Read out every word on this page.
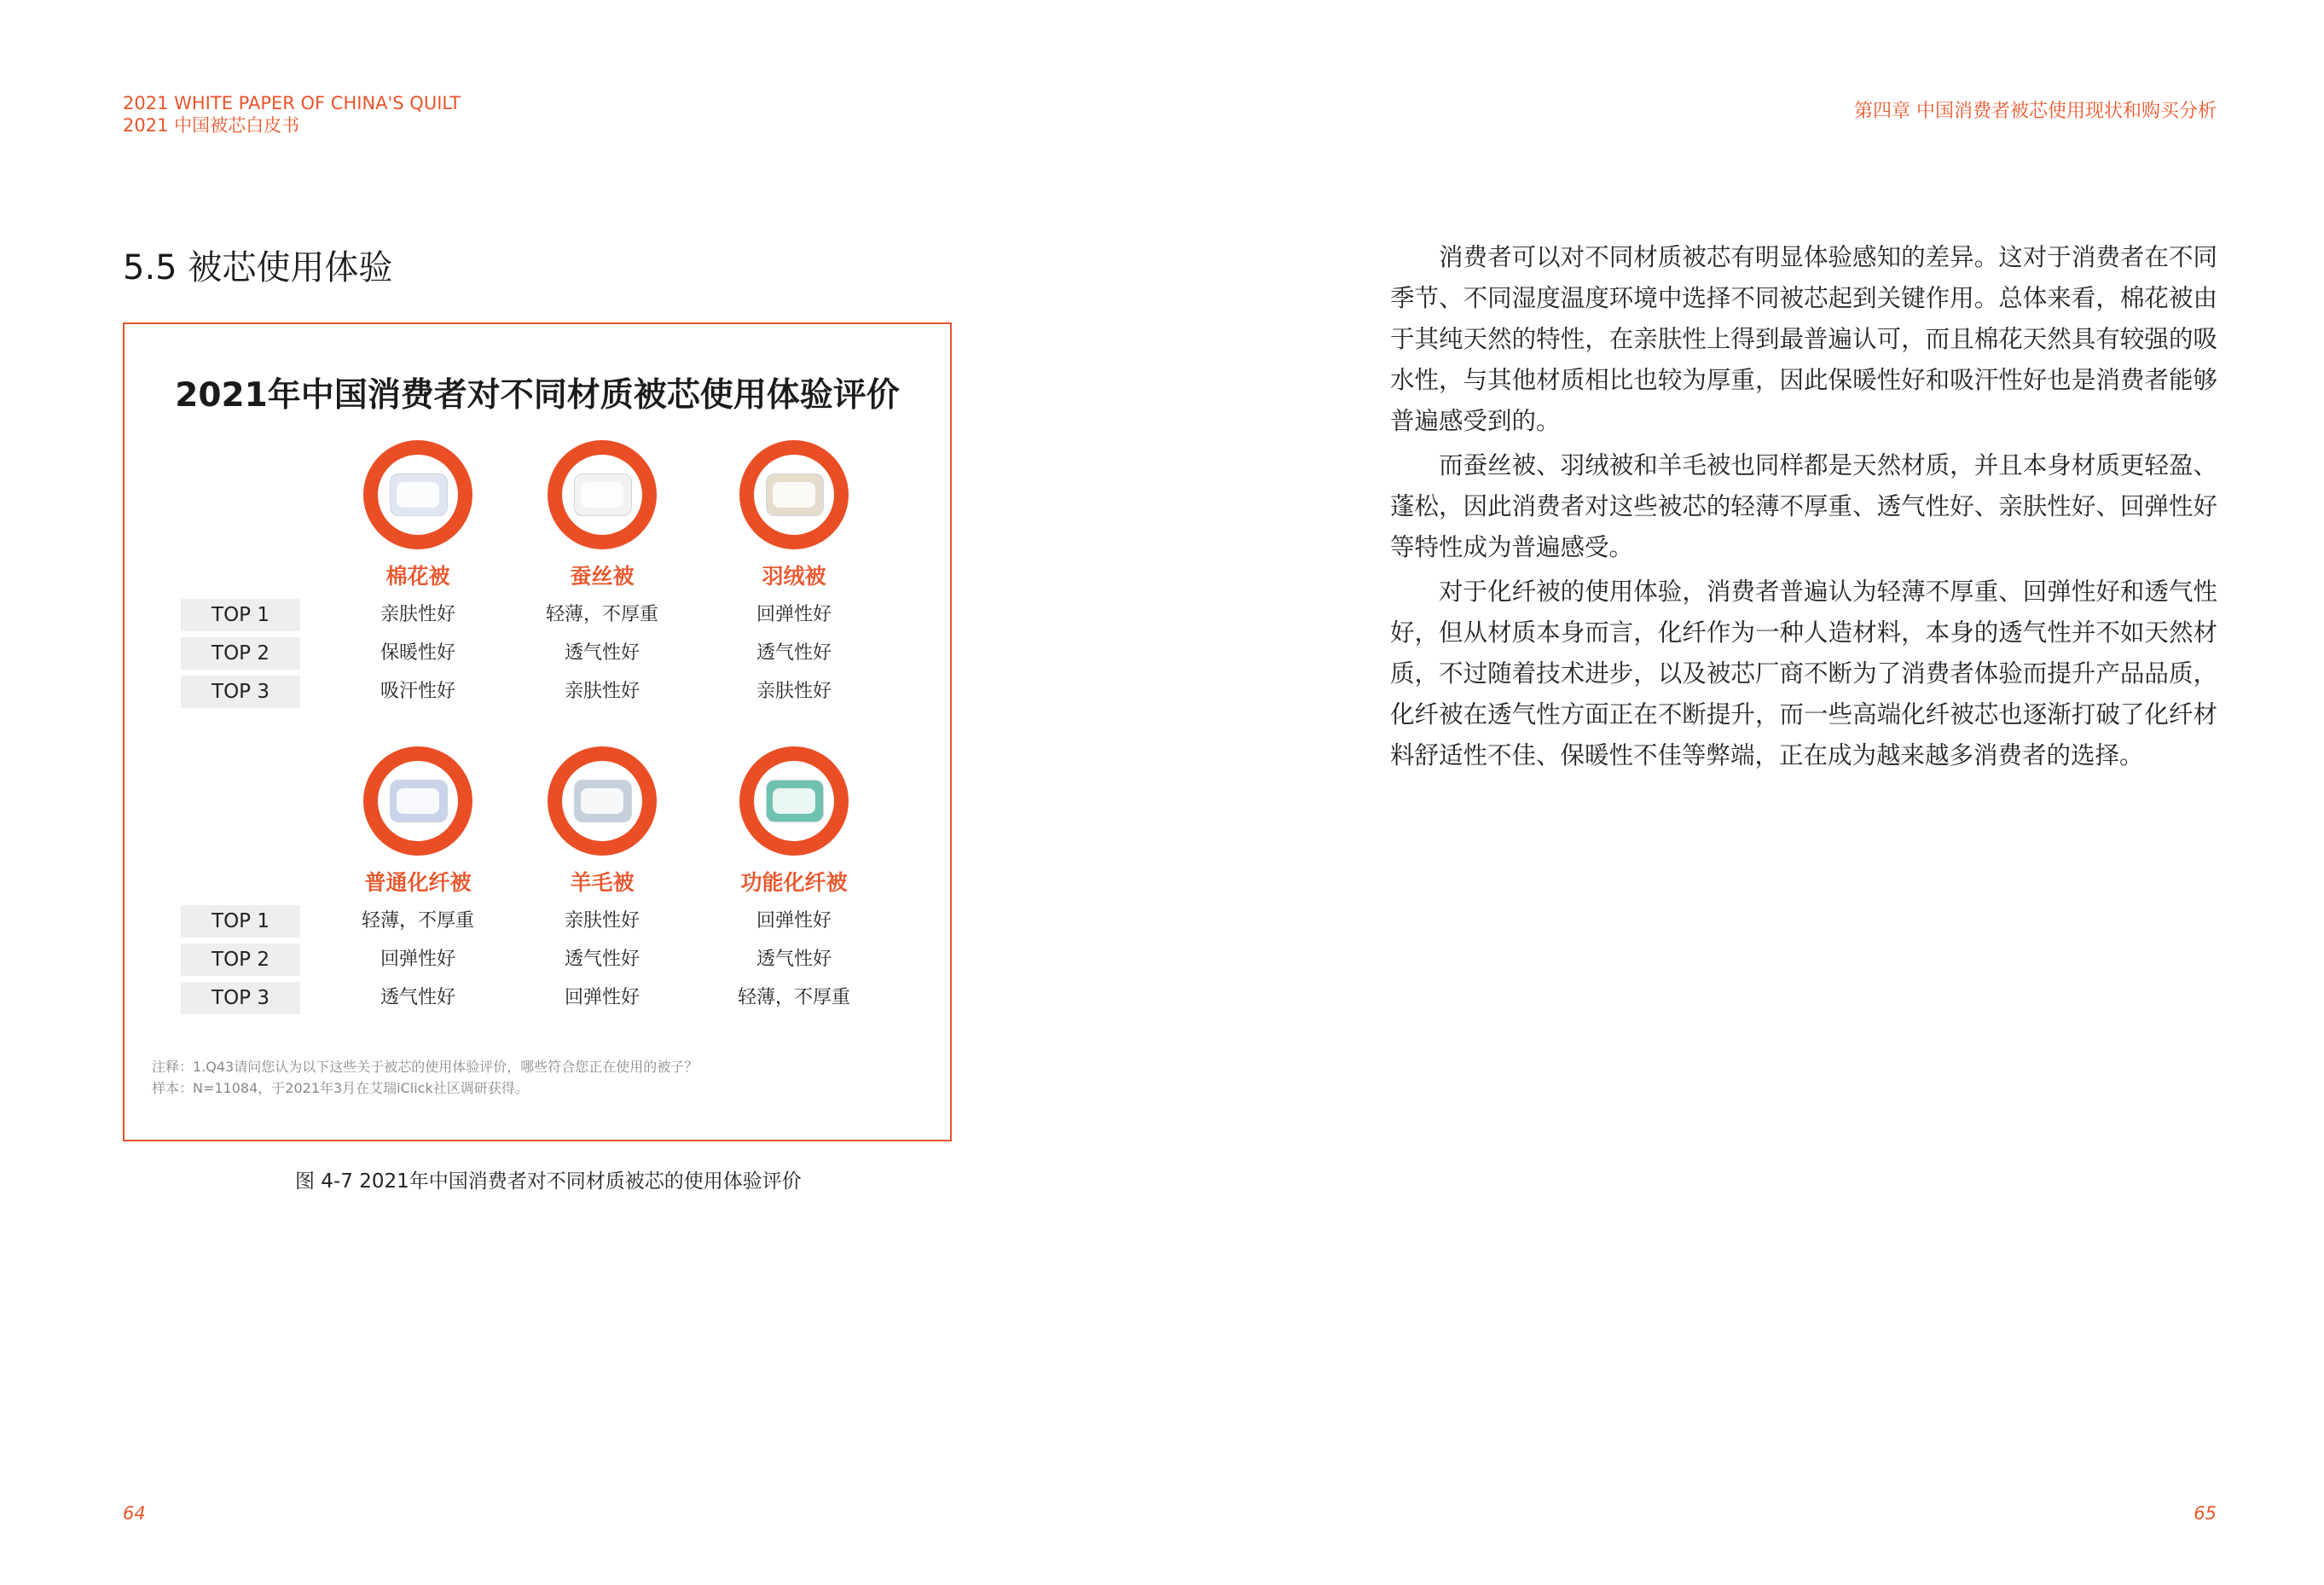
2021 WHITE PAPER OF CHINA'S QUILT
2021 中国被芯白皮书
第四章 中国消费者被芯使用现状和购买分析
5.5 被芯使用体验
2021年中国消费者对不同材质被芯使用体验评价
棉花被
亲肤性好
保暖性好
吸汗性好
蚕丝被
轻薄，不厚重
透气性好
亲肤性好
羽绒被
回弹性好
透气性好
亲肤性好
TOP 1
TOP 2
TOP 3
普通化纤被
轻薄，不厚重
回弹性好
透气性好
羊毛被
亲肤性好
透气性好
回弹性好
功能化纤被
回弹性好
透气性好
轻薄，不厚重
TOP 1
TOP 2
TOP 3
注释：1.Q43请问您认为以下这些关于被芯的使用体验评价，哪些符合您正在使用的被子？
样本：N=11084，于2021年3月在艾瑞iClick社区调研获得。
图 4-7 2021年中国消费者对不同材质被芯的使用体验评价

消费者可以对不同材质被芯有明显体验感知的差异。这对于消费者在不同季节、不同湿度温度环境中选择不同被芯起到关键作用。总体来看，棉花被由于其纯天然的特性，在亲肤性上得到最普遍认可，而且棉花天然具有较强的吸水性，与其他材质相比也较为厚重，因此保暖性好和吸汗性好也是消费者能够普遍感受到的。

而蚕丝被、羽绒被和羊毛被也同样都是天然材质，并且本身材质更轻盈、蓬松，因此消费者对这些被芯的轻薄不厚重、透气性好、亲肤性好、回弹性好等特性成为普遍感受。

对于化纤被的使用体验，消费者普遍认为轻薄不厚重、回弹性好和透气性好，但从材质本身而言，化纤作为一种人造材料，本身的透气性并不如天然材质，不过随着技术进步，以及被芯厂商不断为了消费者体验而提升产品品质，化纤被在透气性方面正在不断提升，而一些高端化纤被芯也逐渐打破了化纤材料舒适性不佳、保暖性不佳等弊端，正在成为越来越多消费者的选择。

64	65
